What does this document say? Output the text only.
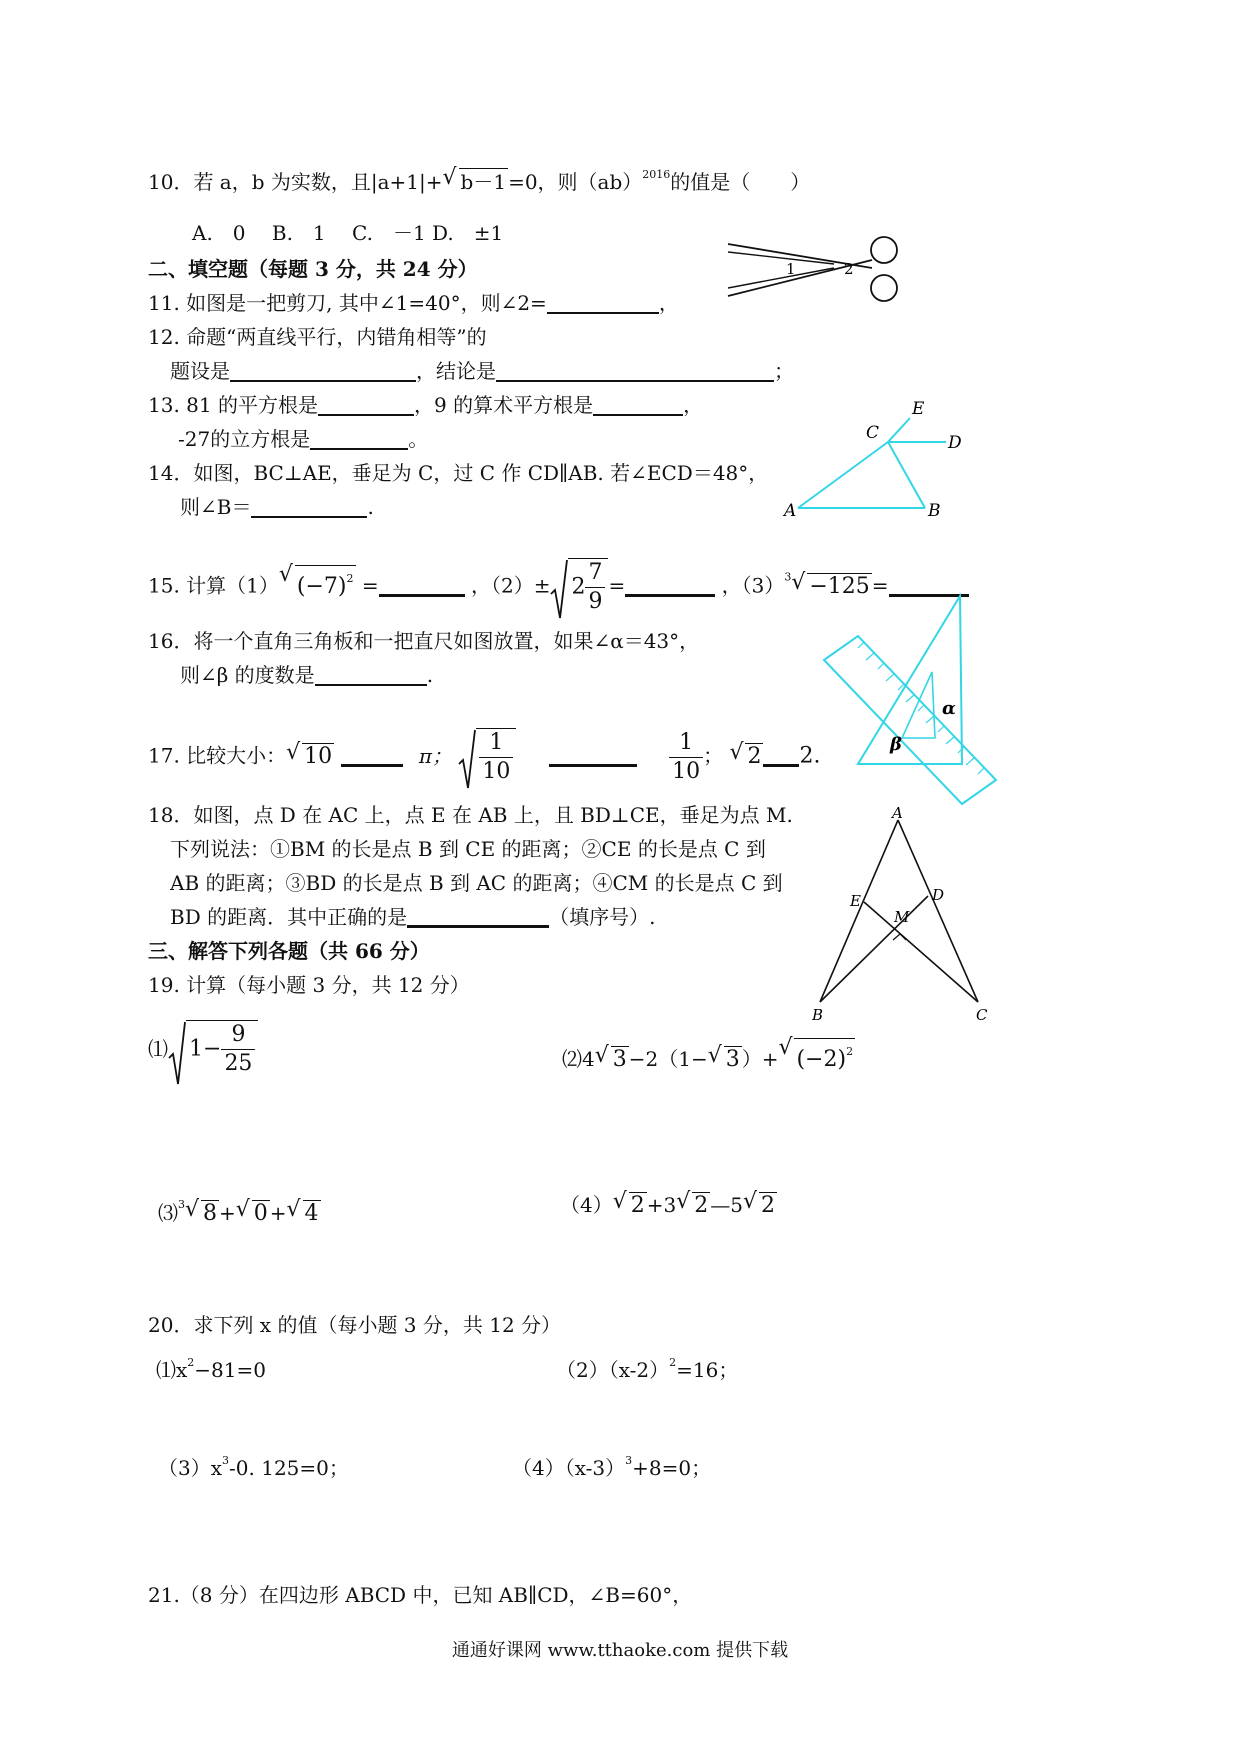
10．若 a，b 为实数，且|a+1|+√ b－1 =0，则（ab）$^{2016}$的值是（　　）
A.　0　 B.　1　 C.　－1 D.　±1
二、填空题（每题 3 分，共 24 分）
11. 如图是一把剪刀, 其中∠1=40°，则∠2=	，
12. 命题“两直线平行，内错角相等”的
题设是	，结论是	；
13. 81 的平方根是	，9 的算术平方根是	，
-27的立方根是	。
14．如图，BC⊥AE，垂足为 C，过 C 作 CD∥AB. 若∠ECD＝48°，
则∠B＝	.
15. 计算（1）√ $(-7)^2$ =	，$(2)\pm 2 \frac{7}{9}$ =	，$(3)^3√ -125$ =
16．将一个直角三角板和一把直尺如图放置，如果∠α＝43°，
则∠β 的度数是	.
17. 比较大小：√ 10	π； $\frac{1}{10}$
	$\frac{1}{10}$ ； √ 2 2.
18．如图，点 D 在 AC 上，点 E 在 AB 上，且 BD⊥CE，垂足为点 M.
下列说法：①BM 的长是点 B 到 CE 的距离；②CE 的长是点 C 到
AB 的距离；③BD 的长是点 B 到 AC 的距离；④CM 的长是点 C 到
BD 的距离．其中正确的是	（填序号）.
三、解答下列各题（共 66 分）
19. 计算（每小题 3 分，共 12 分）
⑴ $1- \frac{9}{25}$	⑵4√ 3 −2（1−√ 3 ）+√ $(-2)^2$
⑶$^3$√ 8 +√ 0 +√ 4	（4）√ 2 +3√ 2 —5√ 2
20．求下列 x 的值（每小题 3 分，共 12 分）
$⑴x^2-81=0$	$(2)(x-2)^2=16$；
$(3)x^3-0$. 125=0；	$(4)(x-3)^3+8=0$；
21.（8 分）在四边形 ABCD 中，已知 AB∥CD，∠B=60°，
通通好课网 www.tthaoke.com 提供下载
1	2
A	B
C	D
E
α
β
A
B	C
D
E
M
